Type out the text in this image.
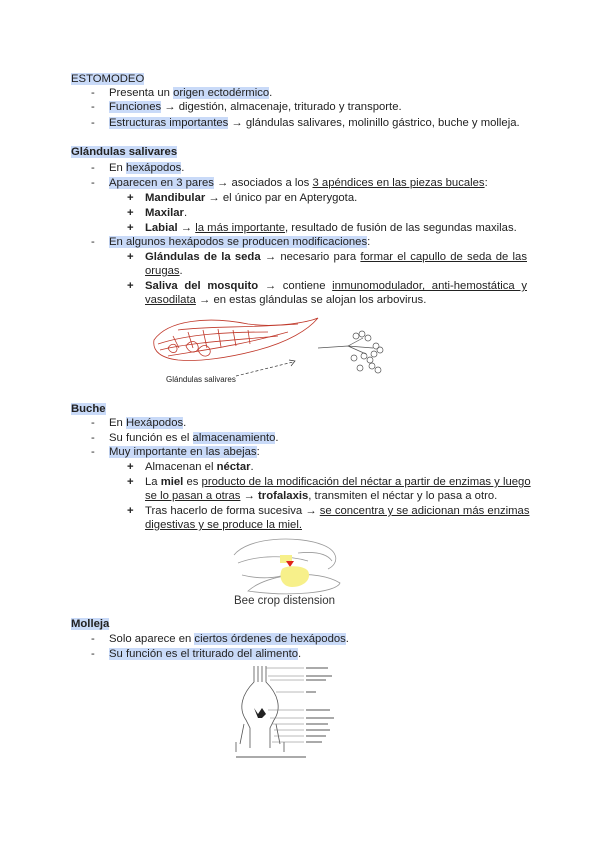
ESTOMODEO
- Presenta un origen ectodérmico.
- Funciones → digestión, almacenaje, triturado y transporte.
- Estructuras importantes → glándulas salivares, molinillo gástrico, buche y molleja.
Glándulas salivares
- En hexápodos.
- Aparecen en 3 pares → asociados a los 3 apéndices en las piezas bucales:
+ Mandibular → el único par en Apterygota.
+ Maxilar.
+ Labial → la más importante, resultado de fusión de las segundas maxilas.
- En algunos hexápodos se producen modificaciones:
+ Glándulas de la seda → necesario para formar el capullo de seda de las
orugas.
+ Saliva del mosquito → contiene inmunomodulador, anti-hemostática y
vasodilata → en estas glándulas se alojan los arbovirus.
Glándulas salivares
Buche
- En Hexápodos.
- Su función es el almacenamiento.
- Muy importante en las abejas:
+ Almacenan el néctar.
+ La miel es producto de la modificación del néctar a partir de enzimas y luego
se lo pasan a otras → trofalaxis, transmiten el néctar y lo pasa a otro.
+ Tras hacerlo de forma sucesiva → se concentra y se adicionan más enzimas
digestivas y se produce la miel.
Bee crop distension
Molleja
- Solo aparece en ciertos órdenes de hexápodos.
- Su función es el triturado del alimento.
